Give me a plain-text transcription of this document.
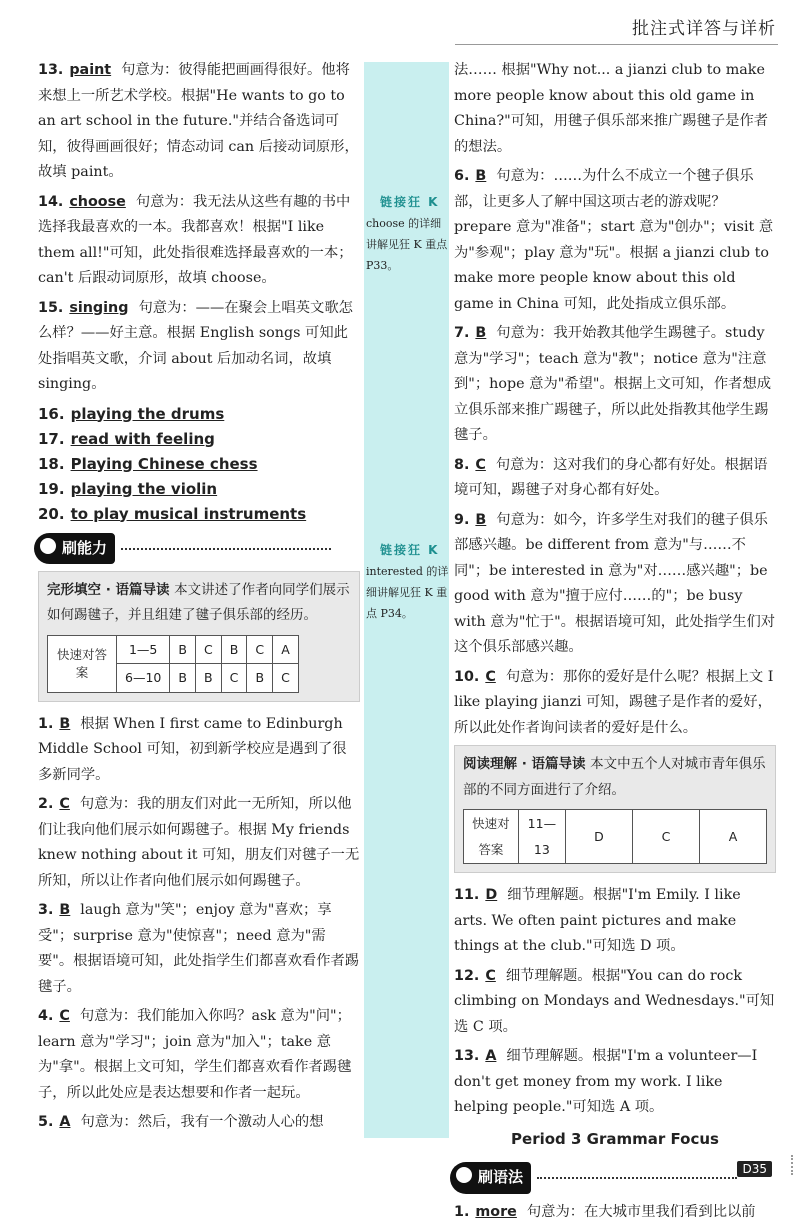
批注式详答与详析
13. paint 句意为：彼得能把画画得很好。他将来想上一所艺术学校。根据"He wants to go to an art school in the future."并结合备选词可知，彼得画画很好；情态动词 can 后接动词原形，故填 paint。
14. choose 句意为：我无法从这些有趣的书中选择我最喜欢的一本。我都喜欢！根据"I like them all!"可知，此处指很难选择最喜欢的一本；can't 后跟动词原形，故填 choose。
15. singing 句意为：——在聚会上唱英文歌怎么样？——好主意。根据 English songs 可知此处指唱英文歌，介词 about 后加动名词，故填 singing。
16. playing the drums
17. read with feeling
18. Playing Chinese chess
19. playing the violin
20. to play musical instruments
刷能力
完形填空 · 语篇导读 本文讲述了作者向同学们展示如何踢毽子，并且组建了毽子俱乐部的经历。
快速对答案	1—5	B	C	B	C	A
	6—10	B	B	C	B	C
1. B 根据 When I first came to Edinburgh Middle School 可知，初到新学校应是遇到了很多新同学。
2. C 句意为：我的朋友们对此一无所知，所以他们让我向他们展示如何踢毽子。根据 My friends knew nothing about it 可知，朋友们对毽子一无所知，所以让作者向他们展示如何踢毽子。
3. B laugh 意为"笑"；enjoy 意为"喜欢；享受"；surprise 意为"使惊喜"；need 意为"需要"。根据语境可知，此处指学生们都喜欢看作者踢毽子。
4. C 句意为：我们能加入你吗？ask 意为"问"；learn 意为"学习"；join 意为"加入"；take 意为"拿"。根据上文可知，学生们都喜欢看作者踢毽子，所以此处应是表达想要和作者一起玩。
5. A 句意为：然后，我有一个激动人心的想
链接狂 K
choose 的详细讲解见狂 K 重点 P33。
链接狂 K
interested 的详细讲解见狂 K 重点 P34。
法…… 根据"Why not... a jianzi club to make more people know about this old game in China?"可知，用毽子俱乐部来推广踢毽子是作者的想法。
6. B 句意为：……为什么不成立一个毽子俱乐部，让更多人了解中国这项古老的游戏呢？prepare 意为"准备"；start 意为"创办"；visit 意为"参观"；play 意为"玩"。根据 a jianzi club to make more people know about this old game in China 可知，此处指成立俱乐部。
7. B 句意为：我开始教其他学生踢毽子。study 意为"学习"；teach 意为"教"；notice 意为"注意到"；hope 意为"希望"。根据上文可知，作者想成立俱乐部来推广踢毽子，所以此处指教其他学生踢毽子。
8. C 句意为：这对我们的身心都有好处。根据语境可知，踢毽子对身心都有好处。
9. B 句意为：如今，许多学生对我们的毽子俱乐部感兴趣。be different from 意为"与……不同"；be interested in 意为"对……感兴趣"；be good with 意为"擅于应付……的"；be busy with 意为"忙于"。根据语境可知，此处指学生们对这个俱乐部感兴趣。
10. C 句意为：那你的爱好是什么呢？根据上文 I like playing jianzi 可知，踢毽子是作者的爱好，所以此处作者询问读者的爱好是什么。
阅读理解 · 语篇导读 本文中五个人对城市青年俱乐部的不同方面进行了介绍。
快速对答案	11—13	D	C	A
11. D 细节理解题。根据"I'm Emily. I like arts. We often paint pictures and make things at the club."可知选 D 项。
12. C 细节理解题。根据"You can do rock climbing on Mondays and Wednesdays."可知选 C 项。
13. A 细节理解题。根据"I'm a volunteer—I don't get money from my work. I like helping people."可知选 A 项。
Period 3 Grammar Focus
刷语法
1. more 句意为：在大城市里我们看到比以前
D35
